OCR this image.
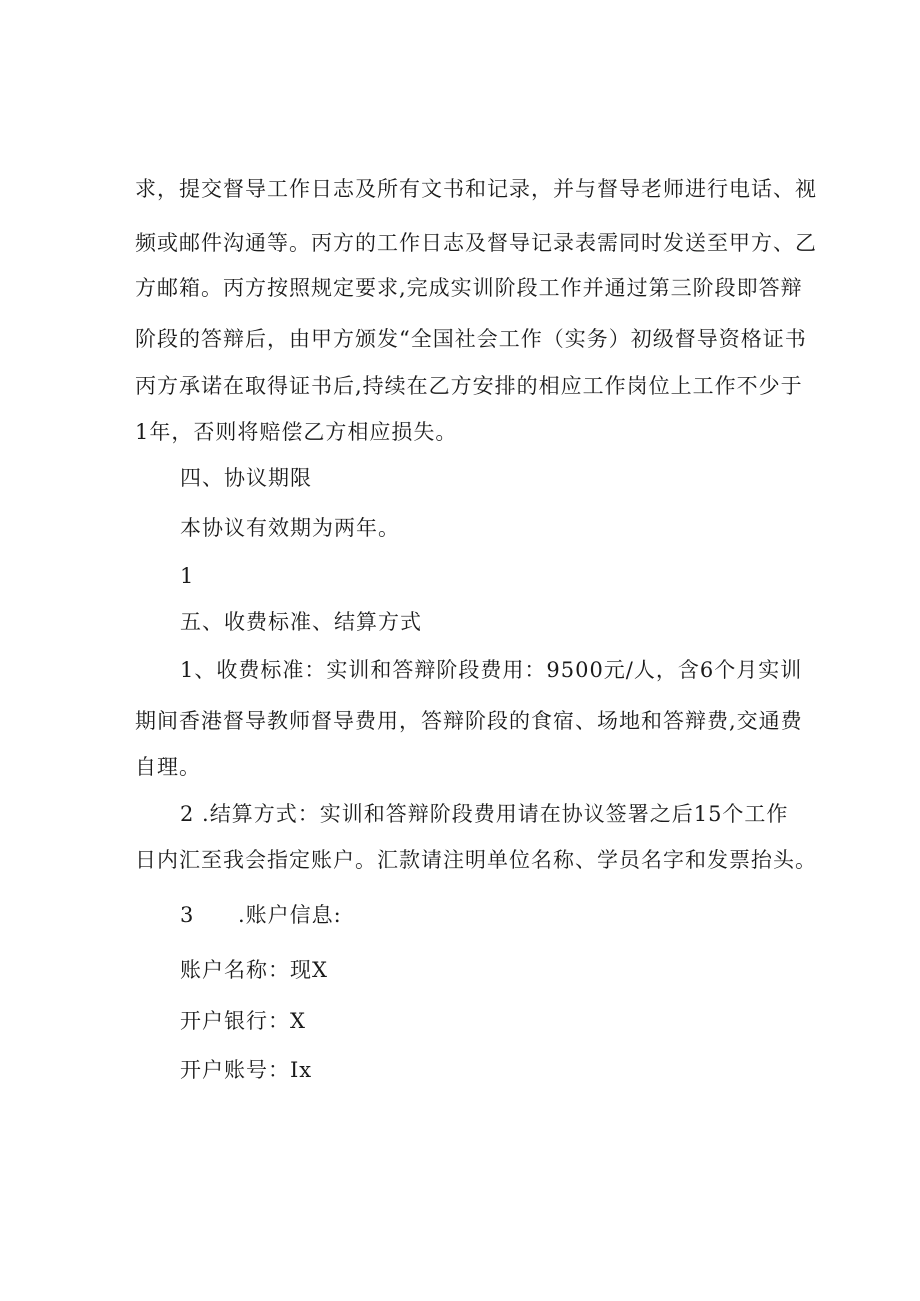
求，提交督导工作日志及所有文书和记录，并与督导老师进行电话、视
频或邮件沟通等。丙方的工作日志及督导记录表需同时发送至甲方、乙
方邮箱。丙方按照规定要求,完成实训阶段工作并通过第三阶段即答辩
阶段的答辩后，由甲方颁发“全国社会工作（实务）初级督导资格证书
丙方承诺在取得证书后,持续在乙方安排的相应工作岗位上工作不少于
1年，否则将赔偿乙方相应损失。
四、协议期限
本协议有效期为两年。
1
五、收费标准、结算方式
1、收费标准：实训和答辩阶段费用：9500元/人，含6个月实训
期间香港督导教师督导费用，答辩阶段的食宿、场地和答辩费,交通费
自理。
2 .结算方式：实训和答辩阶段费用请在协议签署之后15个工作
日内汇至我会指定账户。汇款请注明单位名称、学员名字和发票抬头。
3 .账户信息:
账户名称：现X
开户银行：X
开户账号：Ix
